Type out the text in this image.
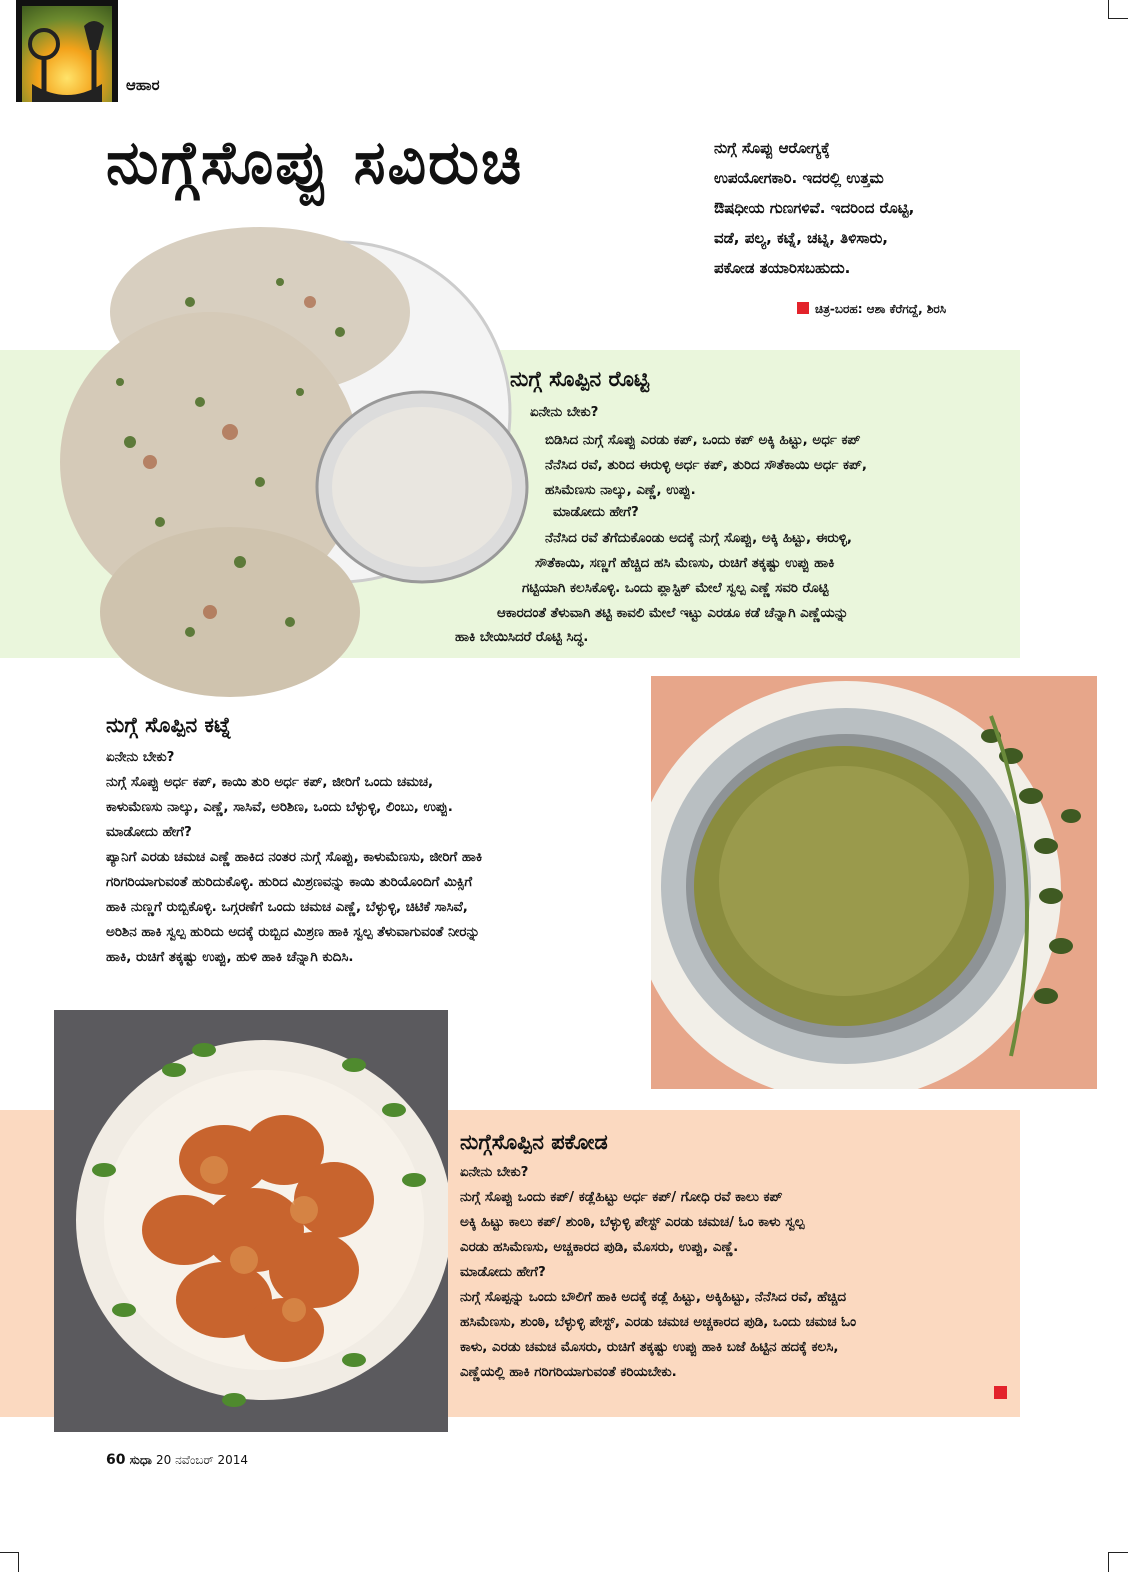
ಆಹಾರ
ನುಗ್ಗೆಸೊಪ್ಪು ಸವಿರುಚಿ	ನುಗ್ಗೆ ಸೊಪ್ಪು ಆರೋಗ್ಯಕ್ಕೆ
ಉಪಯೋಗಕಾರಿ. ಇದರಲ್ಲಿ ಉತ್ತಮ
ಔಷಧೀಯ ಗುಣಗಳಿವೆ. ಇದರಿಂದ ರೊಟ್ಟಿ,
ವಡೆ, ಪಲ್ಯ, ಕಟ್ನೆ, ಚಟ್ನಿ, ತಿಳಿಸಾರು,
ಪಕೋಡ ತಯಾರಿಸಬಹುದು.
ಚಿತ್ರ-ಬರಹ: ಆಶಾ ಕೆರೆಗದ್ದೆ, ಶಿರಸಿ
ನುಗ್ಗೆ ಸೊಪ್ಪಿನ ರೊಟ್ಟಿ
ಏನೇನು ಬೇಕು?
ಬಿಡಿಸಿದ ನುಗ್ಗೆ ಸೊಪ್ಪು ಎರಡು ಕಪ್, ಒಂದು ಕಪ್ ಅಕ್ಕಿ ಹಿಟ್ಟು, ಅರ್ಧ ಕಪ್
ನೆನೆಸಿದ ರವೆ, ತುರಿದ ಈರುಳ್ಳಿ ಅರ್ಧ ಕಪ್, ತುರಿದ ಸೌತೆಕಾಯಿ ಅರ್ಧ ಕಪ್,
ಹಸಿಮೆಣಸು ನಾಲ್ಕು, ಎಣ್ಣೆ, ಉಪ್ಪು.
ಮಾಡೋದು ಹೇಗೆ?
ನೆನೆಸಿದ ರವೆ ತೆಗೆದುಕೊಂಡು ಅದಕ್ಕೆ ನುಗ್ಗೆ ಸೊಪ್ಪು, ಅಕ್ಕಿ ಹಿಟ್ಟು, ಈರುಳ್ಳಿ,
ಸೌತೆಕಾಯಿ, ಸಣ್ಣಗೆ ಹೆಚ್ಚಿದ ಹಸಿ ಮೆಣಸು, ರುಚಿಗೆ ತಕ್ಕಷ್ಟು ಉಪ್ಪು ಹಾಕಿ
ಗಟ್ಟಿಯಾಗಿ ಕಲಸಿಕೊಳ್ಳಿ. ಒಂದು ಪ್ಲಾಸ್ಟಿಕ್ ಮೇಲೆ ಸ್ವಲ್ಪ ಎಣ್ಣೆ ಸವರಿ ರೊಟ್ಟಿ
ಆಕಾರದಂತೆ ತೆಳುವಾಗಿ ತಟ್ಟಿ ಕಾವಲಿ ಮೇಲೆ ಇಟ್ಟು ಎರಡೂ ಕಡೆ ಚೆನ್ನಾಗಿ ಎಣ್ಣೆಯನ್ನು
ಹಾಕಿ ಬೇಯಿಸಿದರೆ ರೊಟ್ಟಿ ಸಿದ್ಧ.
ನುಗ್ಗೆ ಸೊಪ್ಪಿನ ಕಟ್ನೆ
ಏನೇನು ಬೇಕು?
ನುಗ್ಗೆ ಸೊಪ್ಪು ಅರ್ಧ ಕಪ್, ಕಾಯಿ ತುರಿ ಅರ್ಧ ಕಪ್, ಜೀರಿಗೆ ಒಂದು ಚಮಚ,
ಕಾಳುಮೆಣಸು ನಾಲ್ಕು, ಎಣ್ಣೆ, ಸಾಸಿವೆ, ಅರಿಶಿಣ, ಒಂದು ಬೆಳ್ಳುಳ್ಳಿ, ಲಿಂಬು, ಉಪ್ಪು.
ಮಾಡೋದು ಹೇಗೆ?
ಪ್ಯಾನಿಗೆ ಎರಡು ಚಮಚ ಎಣ್ಣೆ ಹಾಕಿದ ನಂತರ ನುಗ್ಗೆ ಸೊಪ್ಪು, ಕಾಳುಮೆಣಸು, ಜೀರಿಗೆ ಹಾಕಿ
ಗರಿಗರಿಯಾಗುವಂತೆ ಹುರಿದುಕೊಳ್ಳಿ. ಹುರಿದ ಮಿಶ್ರಣವನ್ನು ಕಾಯಿ ತುರಿಯೊಂದಿಗೆ ಮಿಕ್ಸಿಗೆ
ಹಾಕಿ ನುಣ್ಣಗೆ ರುಬ್ಬಿಕೊಳ್ಳಿ. ಒಗ್ಗರಣೆಗೆ ಒಂದು ಚಮಚ ಎಣ್ಣೆ, ಬೆಳ್ಳುಳ್ಳಿ, ಚಿಟಿಕೆ ಸಾಸಿವೆ,
ಅರಿಶಿನ ಹಾಕಿ ಸ್ವಲ್ಪ ಹುರಿದು ಅದಕ್ಕೆ ರುಬ್ಬಿದ ಮಿಶ್ರಣ ಹಾಕಿ ಸ್ವಲ್ಪ ತೆಳುವಾಗುವಂತೆ ನೀರನ್ನು
ಹಾಕಿ, ರುಚಿಗೆ ತಕ್ಕಷ್ಟು ಉಪ್ಪು, ಹುಳಿ ಹಾಕಿ ಚೆನ್ನಾಗಿ ಕುದಿಸಿ.
ನುಗ್ಗೆಸೊಪ್ಪಿನ ಪಕೋಡ
ಏನೇನು ಬೇಕು?
ನುಗ್ಗೆ ಸೊಪ್ಪು ಒಂದು ಕಪ್/ ಕಡ್ಲೆಹಿಟ್ಟು ಅರ್ಧ ಕಪ್/ ಗೋಧಿ ರವೆ ಕಾಲು ಕಪ್
ಅಕ್ಕಿ ಹಿಟ್ಟು ಕಾಲು ಕಪ್/ ಶುಂಠಿ, ಬೆಳ್ಳುಳ್ಳಿ ಪೇಸ್ಟ್ ಎರಡು ಚಮಚ/ ಓಂ ಕಾಳು ಸ್ವಲ್ಪ
ಎರಡು ಹಸಿಮೆಣಸು, ಅಚ್ಚಕಾರದ ಪುಡಿ, ಮೊಸರು, ಉಪ್ಪು, ಎಣ್ಣೆ.
ಮಾಡೋದು ಹೇಗೆ?
ನುಗ್ಗೆ ಸೊಪ್ಪನ್ನು ಒಂದು ಬೌಲಿಗೆ ಹಾಕಿ ಅದಕ್ಕೆ ಕಡ್ಲೆ ಹಿಟ್ಟು, ಅಕ್ಕಿಹಿಟ್ಟು, ನೆನೆಸಿದ ರವೆ, ಹೆಚ್ಚಿದ
ಹಸಿಮೆಣಸು, ಶುಂಠಿ, ಬೆಳ್ಳುಳ್ಳಿ ಪೇಸ್ಟ್, ಎರಡು ಚಮಚ ಅಚ್ಚಕಾರದ ಪುಡಿ, ಒಂದು ಚಮಚ ಓಂ
ಕಾಳು, ಎರಡು ಚಮಚ ಮೊಸರು, ರುಚಿಗೆ ತಕ್ಕಷ್ಟು ಉಪ್ಪು ಹಾಕಿ ಬಜೆ ಹಿಟ್ಟಿನ ಹದಕ್ಕೆ ಕಲಸಿ,
ಎಣ್ಣೆಯಲ್ಲಿ ಹಾಕಿ ಗರಿಗರಿಯಾಗುವಂತೆ ಕರಿಯಬೇಕು.
60 ಸುಧಾ 20 ನವೆಂಬರ್ 2014
